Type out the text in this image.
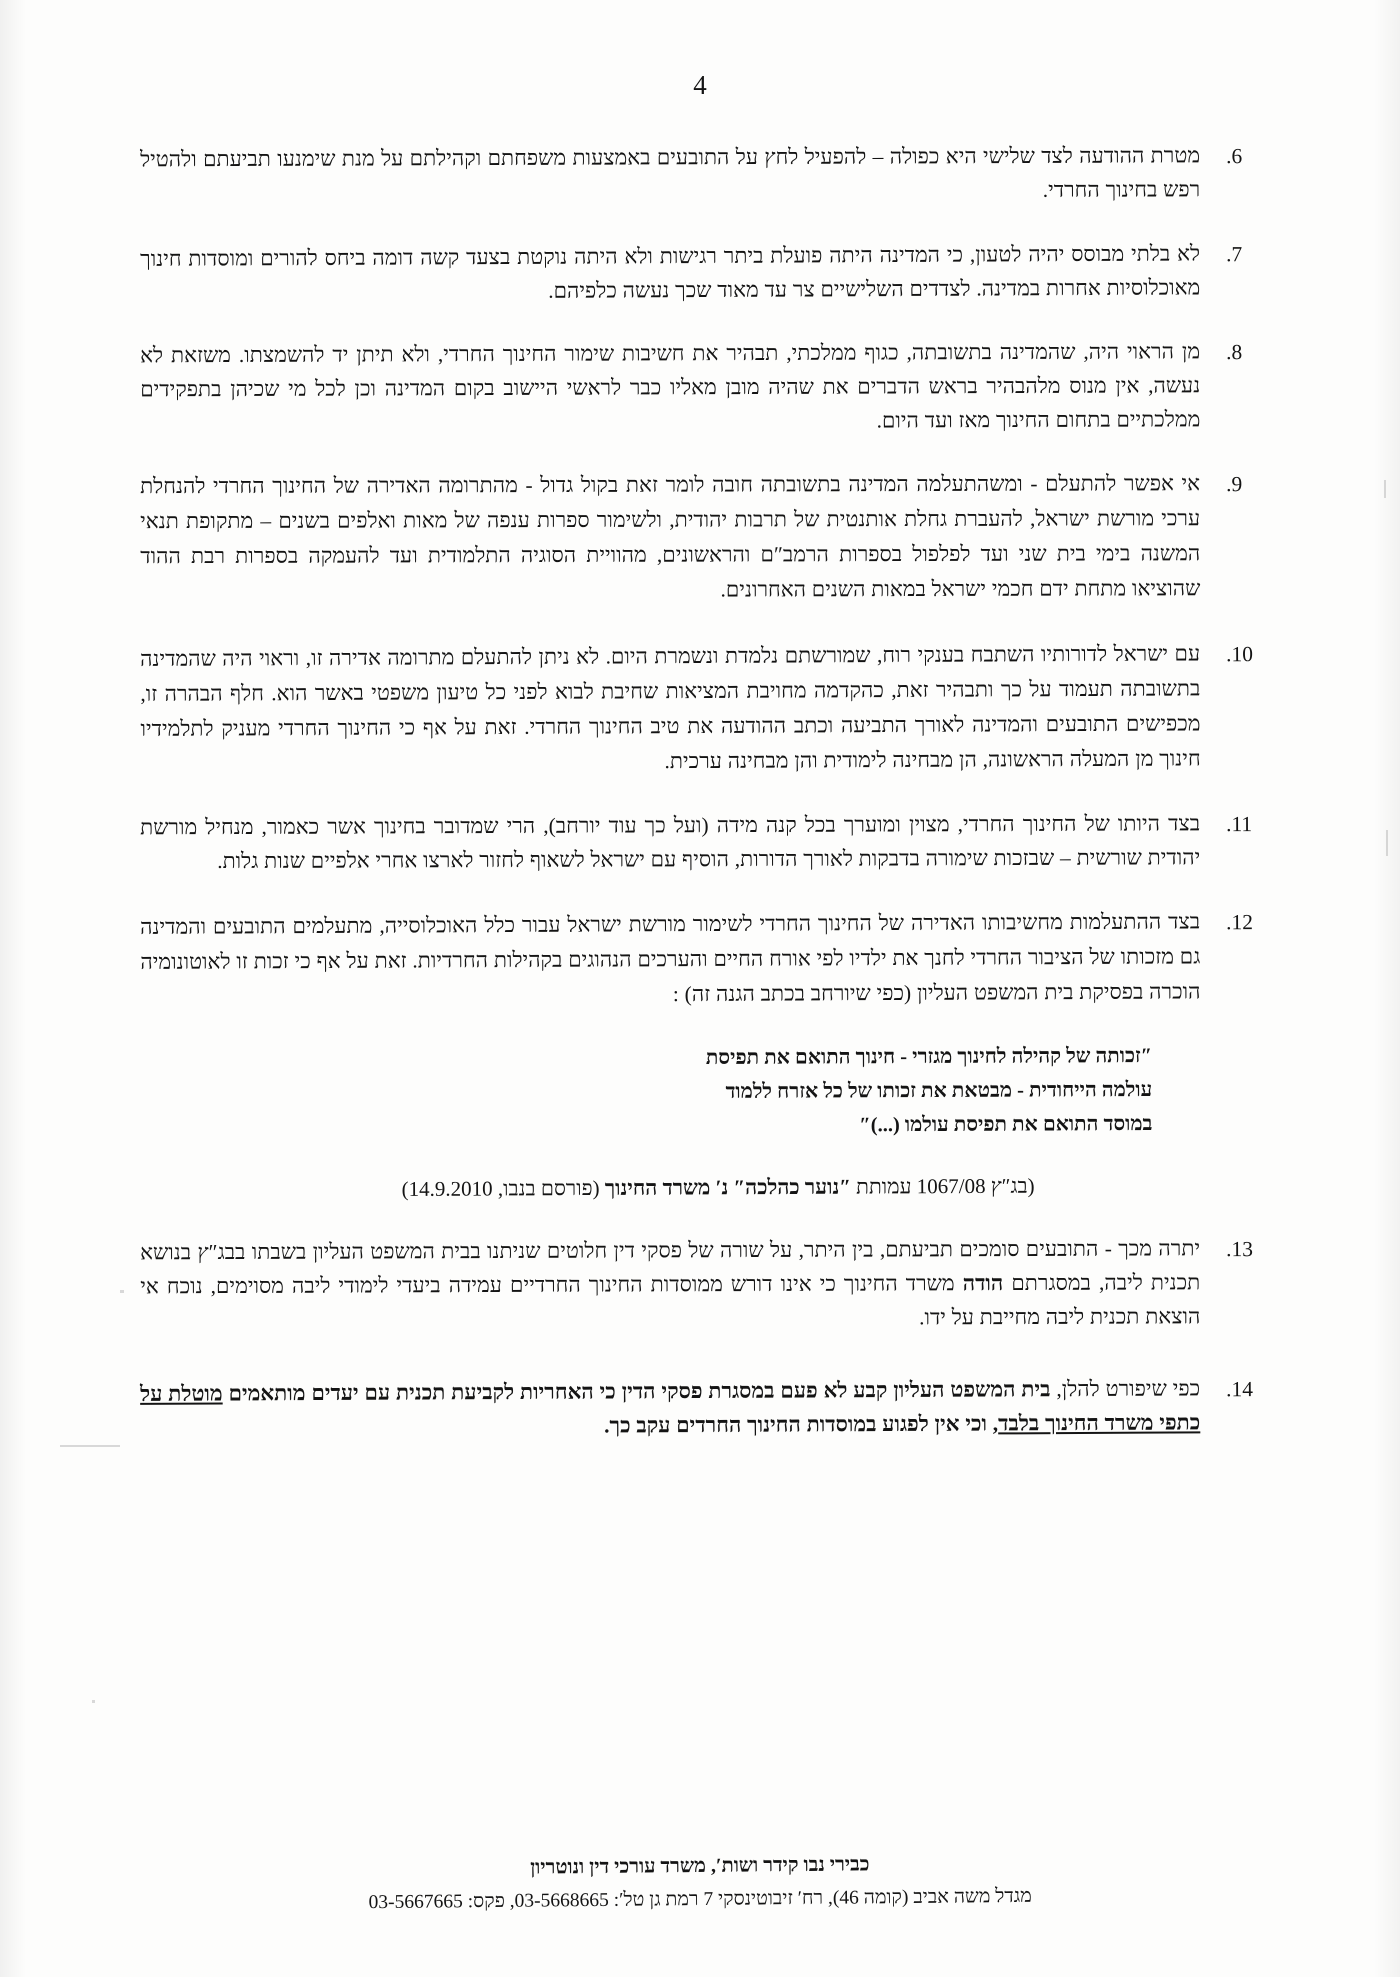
4
.6
מטרת ההודעה לצד שלישי היא כפולה – להפעיל לחץ על התובעים באמצעות משפחתם וקהילתם על מנת שימנעו תביעתם ולהטיל רפש בחינוך החרדי.
.7
לא בלתי מבוסס יהיה לטעון, כי המדינה היתה פועלת ביתר רגישות ולא היתה נוקטת בצעד קשה דומה ביחס להורים ומוסדות חינוך מאוכלוסיות אחרות במדינה. לצדדים השלישיים צר עד מאוד שכך נעשה כלפיהם.
.8
מן הראוי היה, שהמדינה בתשובתה, כגוף ממלכתי, תבהיר את חשיבות שימור החינוך החרדי, ולא תיתן יד להשמצתו. משזאת לא נעשה, אין מנוס מלהבהיר בראש הדברים את שהיה מובן מאליו כבר לראשי היישוב בקום המדינה וכן לכל מי שכיהן בתפקידים ממלכתיים בתחום החינוך מאז ועד היום.
.9
אי אפשר להתעלם - ומשהתעלמה המדינה בתשובתה חובה לומר זאת בקול גדול - מהתרומה האדירה של החינוך החרדי להנחלת ערכי מורשת ישראל, להעברת גחלת אותנטית של תרבות יהודית, ולשימור ספרות ענפה של מאות ואלפים בשנים – מתקופת תנאי המשנה בימי בית שני ועד לפלפול בספרות הרמב″ם והראשונים, מהוויית הסוגיה התלמודית ועד להעמקה בספרות רבת ההוד שהוציאו מתחת ידם חכמי ישראל במאות השנים האחרונים.
.10
עם ישראל לדורותיו השתבח בענקי רוח, שמורשתם נלמדת ונשמרת היום. לא ניתן להתעלם מתרומה אדירה זו, וראוי היה שהמדינה בתשובתה תעמוד על כך ותבהיר זאת, כהקדמה מחויבת המציאות שחיבת לבוא לפני כל טיעון משפטי באשר הוא. חלף הבהרה זו, מכפישים התובעים והמדינה לאורך התביעה וכתב ההודעה את טיב החינוך החרדי. זאת על אף כי החינוך החרדי מעניק לתלמידיו חינוך מן המעלה הראשונה, הן מבחינה לימודית והן מבחינה ערכית.
.11
בצד היותו של החינוך החרדי, מצוין ומוערך בכל קנה מידה (ועל כך עוד יורחב), הרי שמדובר בחינוך אשר כאמור, מנחיל מורשת יהודית שורשית – שבזכות שימורה בדבקות לאורך הדורות, הוסיף עם ישראל לשאוף לחזור לארצו אחרי אלפיים שנות גלות.
.12
בצד ההתעלמות מחשיבותו האדירה של החינוך החרדי לשימור מורשת ישראל עבור כלל האוכלוסייה, מתעלמים התובעים והמדינה גם מזכותו של הציבור החרדי לחנך את ילדיו לפי אורח החיים והערכים הנהוגים בקהילות החרדיות. זאת על אף כי זכות זו לאוטונומיה הוכרה בפסיקת בית המשפט העליון (כפי שיורחב בכתב הגנה זה) :
″זכותה של קהילה לחינוך מגזרי - חינוך התואם את תפיסת
עולמה הייחודית - מבטאת את זכותו של כל אזרח ללמוד
במוסד התואם את תפיסת עולמו (...)″
(בג″ץ 1067/08 עמותת ″נוער כהלכה″ נ′ משרד החינוך (פורסם בנבו, 14.9.2010)
.13
יתרה מכך - התובעים סומכים תביעתם, בין היתר, על שורה של פסקי דין חלוטים שניתנו בבית המשפט העליון בשבתו בבג″ץ בנושא תכנית ליבה, במסגרתם הודה משרד החינוך כי אינו דורש ממוסדות החינוך החרדיים עמידה ביעדי לימודי ליבה מסוימים, נוכח אי הוצאת תכנית ליבה מחייבת על ידו.
.14
כפי שיפורט להלן, בית המשפט העליון קבע לא פעם במסגרת פסקי הדין כי האחריות לקביעת תכנית עם יעדים מותאמים מוטלת על כתפי משרד החינוך בלבד, וכי אין לפגוע במוסדות החינוך החרדים עקב כך.
כבירי נבו קידר ושות′, משרד עורכי דין ונוטריון
מגדל משה אביב (קומה 46), רח′ זיבוטינסקי 7 רמת גן טל′: 03-5668665, פקס: 03-5667665
